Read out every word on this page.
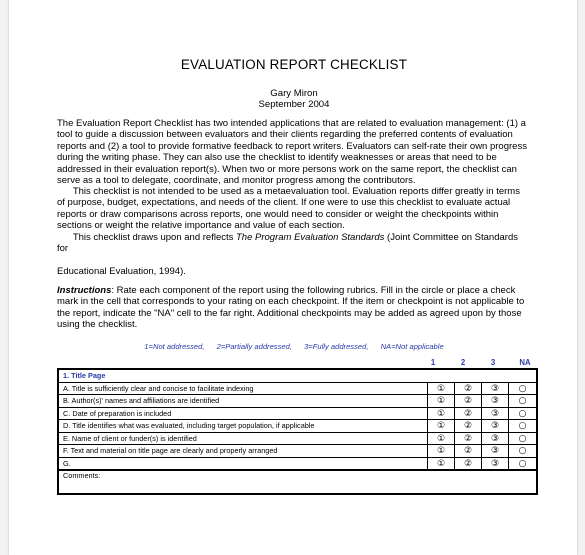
EVALUATION REPORT CHECKLIST
Gary Miron
September 2004
The Evaluation Report Checklist has two intended applications that are related to evaluation management: (1) a tool to guide a discussion between evaluators and their clients regarding the preferred contents of evaluation reports and (2) a tool to provide formative feedback to report writers. Evaluators can self-rate their own progress during the writing phase. They can also use the checklist to identify weaknesses or areas that need to be addressed in their evaluation report(s). When two or more persons work on the same report, the checklist can serve as a tool to delegate, coordinate, and monitor progress among the contributors.
This checklist is not intended to be used as a metaevaluation tool. Evaluation reports differ greatly in terms of purpose, budget, expectations, and needs of the client. If one were to use this checklist to evaluate actual reports or draw comparisons across reports, one would need to consider or weight the checkpoints within sections or weight the relative importance and value of each section.
This checklist draws upon and reflects The Program Evaluation Standards (Joint Committee on Standards for

Educational Evaluation, 1994).
Instructions: Rate each component of the report using the following rubrics. Fill in the circle or place a check mark in the cell that corresponds to your rating on each checkpoint. If the item or checkpoint is not applicable to the report, indicate the "NA" cell to the far right. Additional checkpoints may be added as agreed upon by those using the checklist.
1=Not addressed, 2=Partially addressed, 3=Fully addressed, NA=Not applicable
1	2	3	NA
1. Title Page				
A. Title is sufficiently clear and concise to facilitate indexing	①	②	③	○
B. Author(s)' names and affiliations are identified	①	②	③	○
C. Date of preparation is included	①	②	③	○
D. Title identifies what was evaluated, including target population, if applicable	①	②	③	○
E. Name of client or funder(s) is identified	①	②	③	○
F. Text and material on title page are clearly and properly arranged	①	②	③	○
G.	①	②	③	○
Comments:				
